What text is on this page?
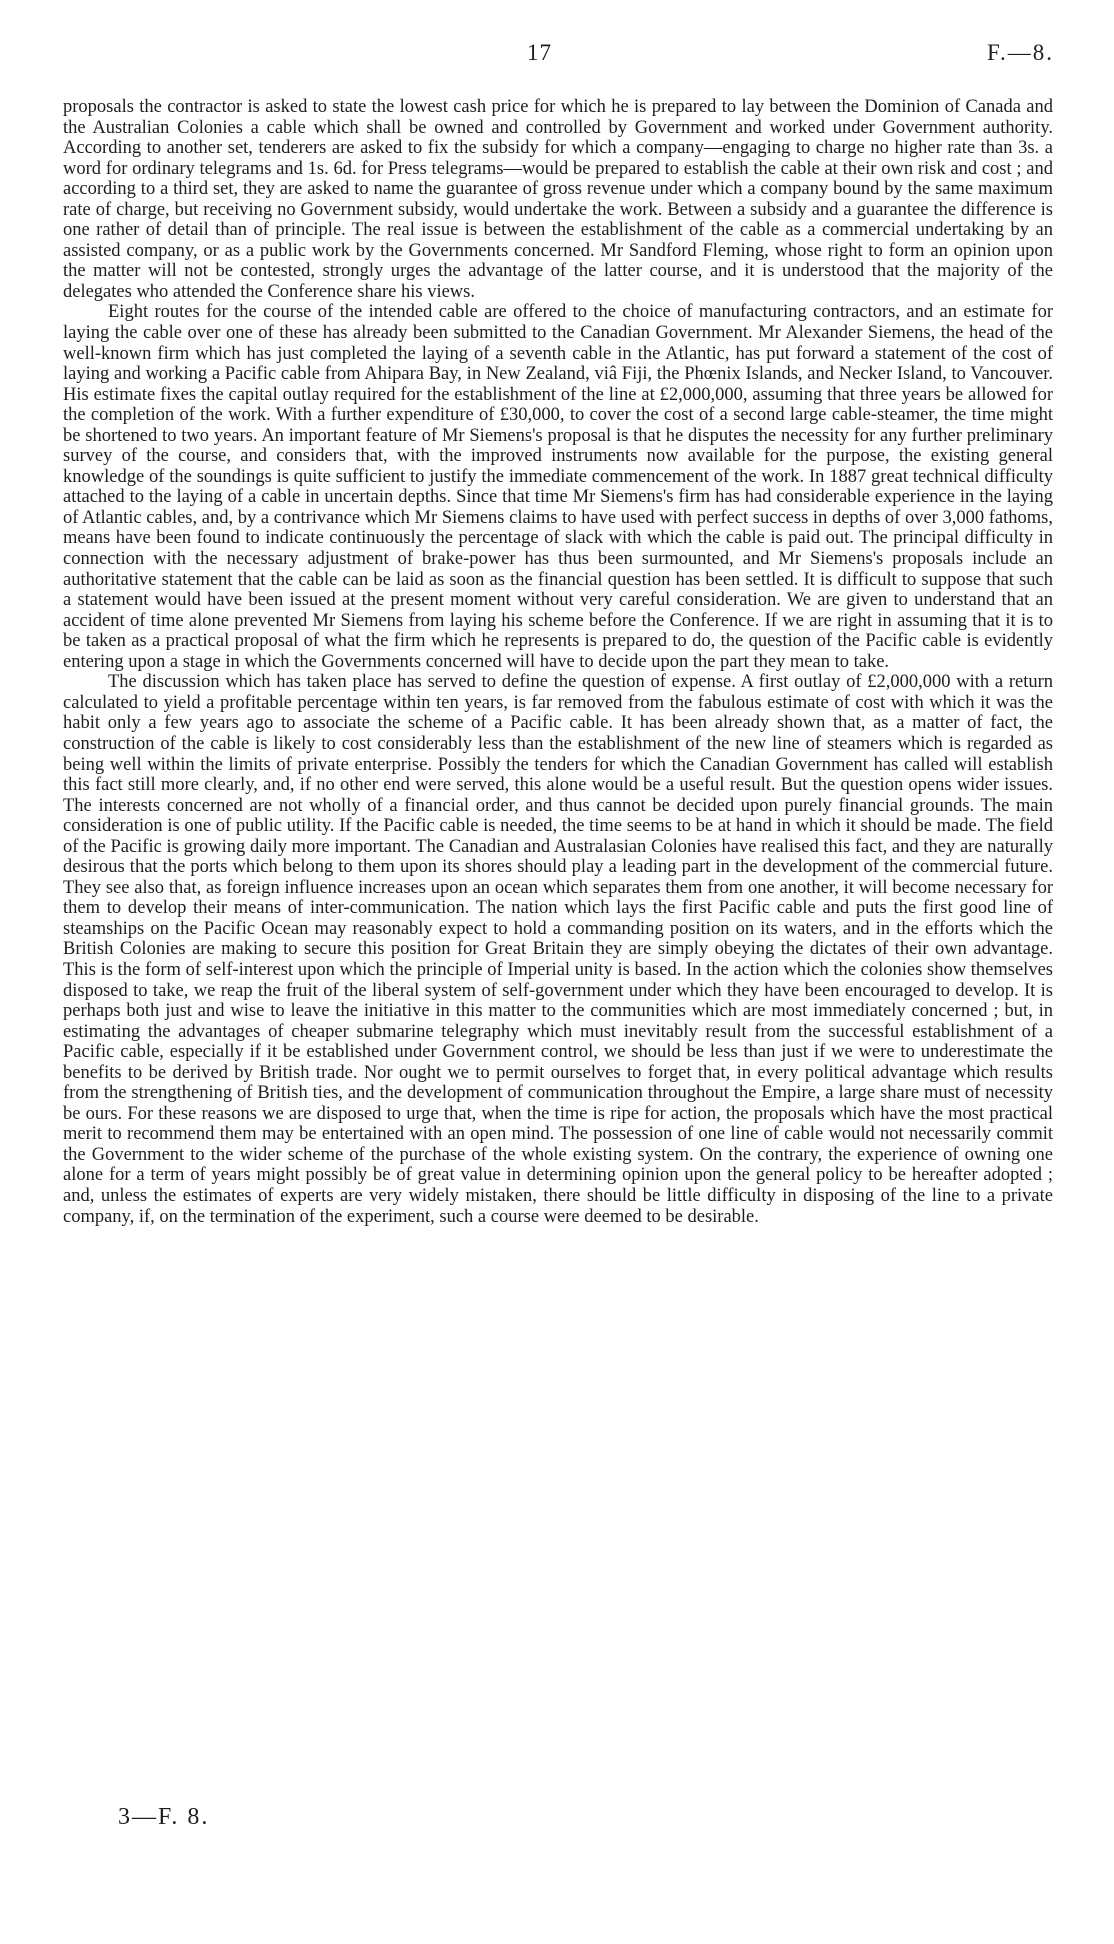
17	F.—8.

proposals the contractor is asked to state the lowest cash price for which he is prepared to lay between the Dominion of Canada and the Australian Colonies a cable which shall be owned and controlled by Government and worked under Government authority. According to another set, tenderers are asked to fix the subsidy for which a company—engaging to charge no higher rate than 3s. a word for ordinary telegrams and 1s. 6d. for Press telegrams—would be prepared to establish the cable at their own risk and cost ; and according to a third set, they are asked to name the guarantee of gross revenue under which a company bound by the same maximum rate of charge, but receiving no Government subsidy, would undertake the work. Between a subsidy and a guarantee the difference is one rather of detail than of principle. The real issue is between the establishment of the cable as a commercial undertaking by an assisted company, or as a public work by the Governments concerned. Mr Sandford Fleming, whose right to form an opinion upon the matter will not be contested, strongly urges the advantage of the latter course, and it is understood that the majority of the delegates who attended the Conference share his views.

Eight routes for the course of the intended cable are offered to the choice of manufacturing contractors, and an estimate for laying the cable over one of these has already been submitted to the Canadian Government. Mr Alexander Siemens, the head of the well-known firm which has just completed the laying of a seventh cable in the Atlantic, has put forward a statement of the cost of laying and working a Pacific cable from Ahipara Bay, in New Zealand, viâ Fiji, the Phœnix Islands, and Necker Island, to Vancouver. His estimate fixes the capital outlay required for the establishment of the line at £2,000,000, assuming that three years be allowed for the completion of the work. With a further expenditure of £30,000, to cover the cost of a second large cable-steamer, the time might be shortened to two years. An important feature of Mr Siemens's proposal is that he disputes the necessity for any further preliminary survey of the course, and considers that, with the improved instruments now available for the purpose, the existing general knowledge of the soundings is quite sufficient to justify the immediate commencement of the work. In 1887 great technical difficulty attached to the laying of a cable in uncertain depths. Since that time Mr Siemens's firm has had considerable experience in the laying of Atlantic cables, and, by a contrivance which Mr Siemens claims to have used with perfect success in depths of over 3,000 fathoms, means have been found to indicate continuously the percentage of slack with which the cable is paid out. The principal difficulty in connection with the necessary adjustment of brake-power has thus been surmounted, and Mr Siemens's proposals include an authoritative statement that the cable can be laid as soon as the financial question has been settled. It is difficult to suppose that such a statement would have been issued at the present moment without very careful consideration. We are given to understand that an accident of time alone prevented Mr Siemens from laying his scheme before the Conference. If we are right in assuming that it is to be taken as a practical proposal of what the firm which he represents is prepared to do, the question of the Pacific cable is evidently entering upon a stage in which the Governments concerned will have to decide upon the part they mean to take.

The discussion which has taken place has served to define the question of expense. A first outlay of £2,000,000 with a return calculated to yield a profitable percentage within ten years, is far removed from the fabulous estimate of cost with which it was the habit only a few years ago to associate the scheme of a Pacific cable. It has been already shown that, as a matter of fact, the construction of the cable is likely to cost considerably less than the establishment of the new line of steamers which is regarded as being well within the limits of private enterprise. Possibly the tenders for which the Canadian Government has called will establish this fact still more clearly, and, if no other end were served, this alone would be a useful result. But the question opens wider issues. The interests concerned are not wholly of a financial order, and thus cannot be decided upon purely financial grounds. The main consideration is one of public utility. If the Pacific cable is needed, the time seems to be at hand in which it should be made. The field of the Pacific is growing daily more important. The Canadian and Australasian Colonies have realised this fact, and they are naturally desirous that the ports which belong to them upon its shores should play a leading part in the development of the commercial future. They see also that, as foreign influence increases upon an ocean which separates them from one another, it will become necessary for them to develop their means of inter-communication. The nation which lays the first Pacific cable and puts the first good line of steamships on the Pacific Ocean may reasonably expect to hold a commanding position on its waters, and in the efforts which the British Colonies are making to secure this position for Great Britain they are simply obeying the dictates of their own advantage. This is the form of self-interest upon which the principle of Imperial unity is based. In the action which the colonies show themselves disposed to take, we reap the fruit of the liberal system of self-government under which they have been encouraged to develop. It is perhaps both just and wise to leave the initiative in this matter to the communities which are most immediately concerned ; but, in estimating the advantages of cheaper submarine telegraphy which must inevitably result from the successful establishment of a Pacific cable, especially if it be established under Government control, we should be less than just if we were to underestimate the benefits to be derived by British trade. Nor ought we to permit ourselves to forget that, in every political advantage which results from the strengthening of British ties, and the development of communication throughout the Empire, a large share must of necessity be ours. For these reasons we are disposed to urge that, when the time is ripe for action, the proposals which have the most practical merit to recommend them may be entertained with an open mind. The possession of one line of cable would not necessarily commit the Government to the wider scheme of the purchase of the whole existing system. On the contrary, the experience of owning one alone for a term of years might possibly be of great value in determining opinion upon the general policy to be hereafter adopted ; and, unless the estimates of experts are very widely mistaken, there should be little difficulty in disposing of the line to a private company, if, on the termination of the experiment, such a course were deemed to be desirable.

3—F. 8.
